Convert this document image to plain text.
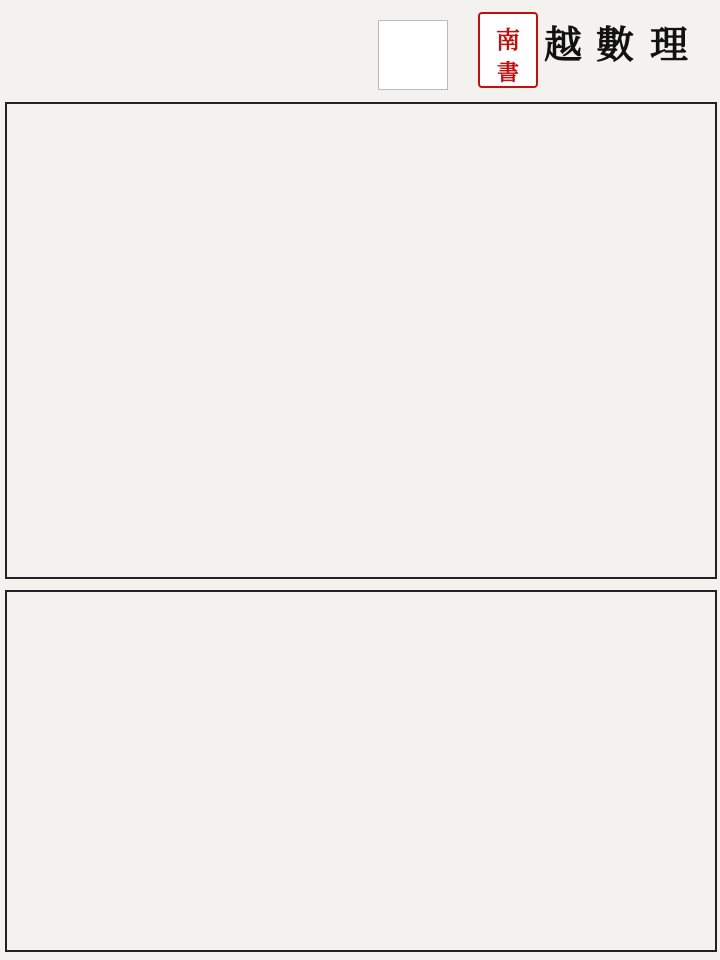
南
書
越 數 理
